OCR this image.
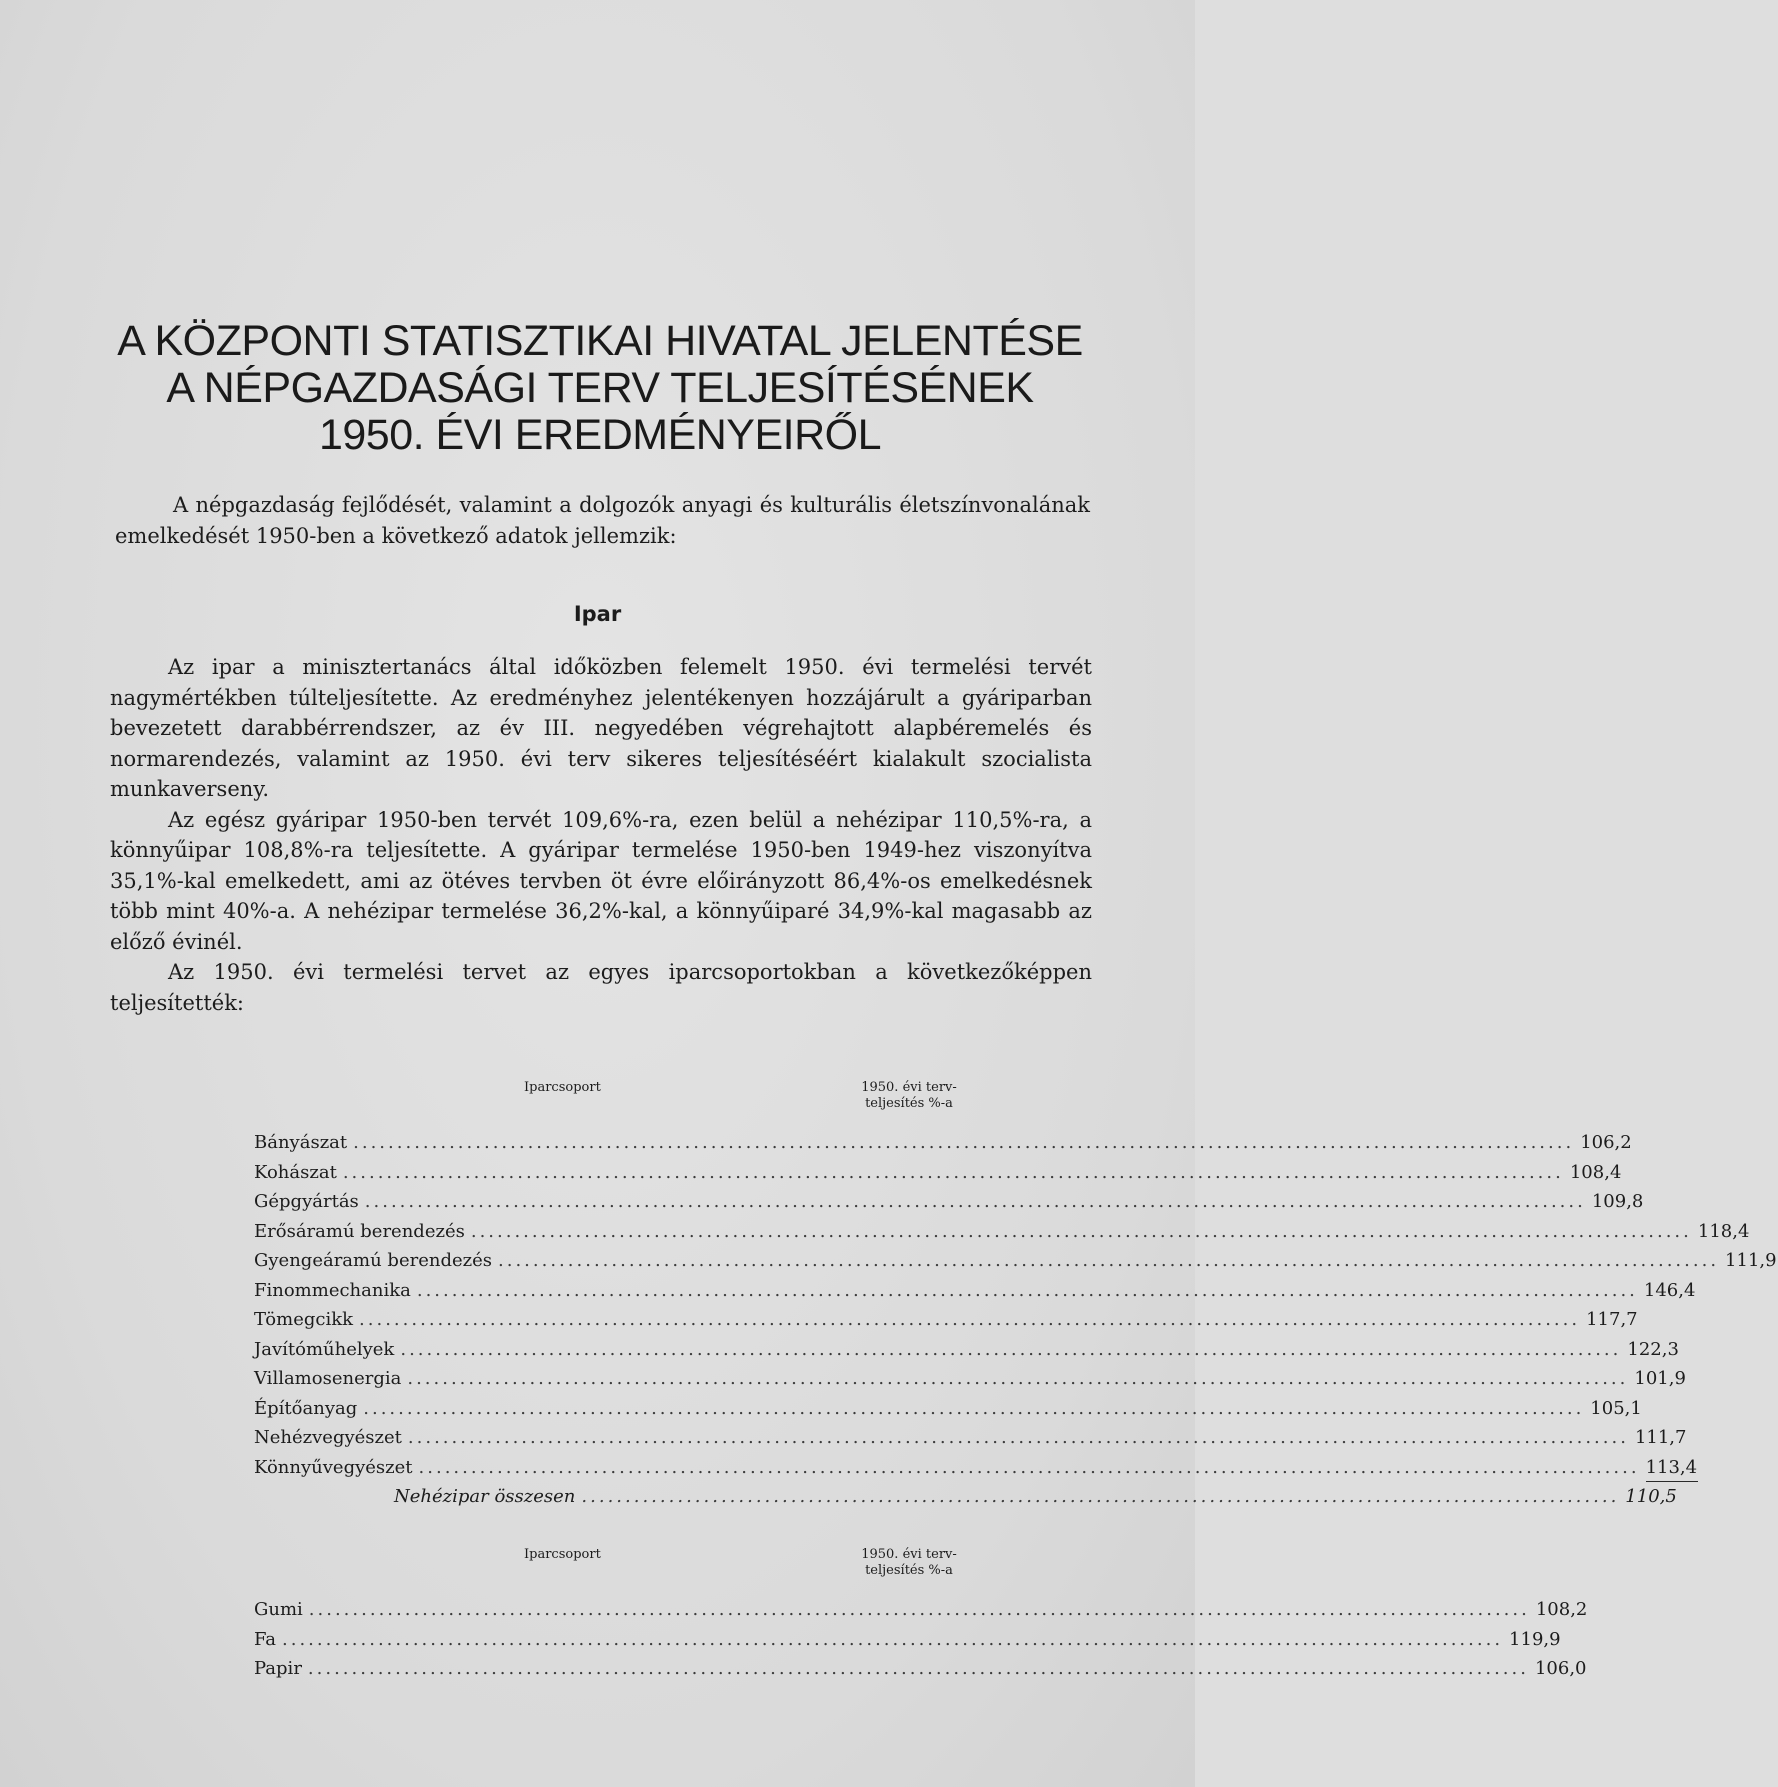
A KÖZPONTI STATISZTIKAI HIVATAL JELENTÉSE
A NÉPGAZDASÁGI TERV TELJESÍTÉSÉNEK
1950. ÉVI EREDMÉNYEIRŐL
A népgazdaság fejlődését, valamint a dolgozók anyagi és kulturális életszínvonalának emelkedését 1950-ben a következő adatok jellemzik:
Ipar

Az ipar a minisztertanács által időközben felemelt 1950. évi termelési tervét nagymértékben túlteljesítette. Az eredményhez jelentékenyen hozzájárult a gyáriparban bevezetett darabbérrendszer, az év III. negyedében végrehajtott alapbéremelés és normarendezés, valamint az 1950. évi terv sikeres teljesítéséért kialakult szocialista munkaverseny.

Az egész gyáripar 1950-ben tervét 109,6%-ra, ezen belül a nehézipar 110,5%-ra, a könnyűipar 108,8%-ra teljesítette. A gyáripar termelése 1950-ben 1949-hez viszonyítva 35,1%-kal emelkedett, ami az ötéves tervben öt évre előirányzott 86,4%-os emelkedésnek több mint 40%-a. A nehézipar termelése 36,2%-kal, a könnyűiparé 34,9%-kal magasabb az előző évinél.

Az 1950. évi termelési tervet az egyes iparcsoportokban a következőképpen teljesítették:

Iparcsoport	1950. évi terv-
teljesítés %-a
Bányászat ............................................................................................................................................ 106,2
Kohászat ............................................................................................................................................ 108,4
Gépgyártás ............................................................................................................................................ 109,8
Erősáramú berendezés ............................................................................................................................................ 118,4
Gyengeáramú berendezés ............................................................................................................................................ 111,9
Finommechanika ............................................................................................................................................ 146,4
Tömegcikk ............................................................................................................................................ 117,7
Javítóműhelyek ............................................................................................................................................ 122,3
Villamosenergia ............................................................................................................................................ 101,9
Építőanyag ............................................................................................................................................ 105,1
Nehézvegyészet ............................................................................................................................................ 111,7
Könnyűvegyészet ............................................................................................................................................ 113,4
Nehézipar összesen ....................................................................................................................... 110,5
Iparcsoport	1950. évi terv-
teljesítés %-a
Gumi ............................................................................................................................................ 108,2
Fa ............................................................................................................................................ 119,9
Papir ............................................................................................................................................ 106,0
